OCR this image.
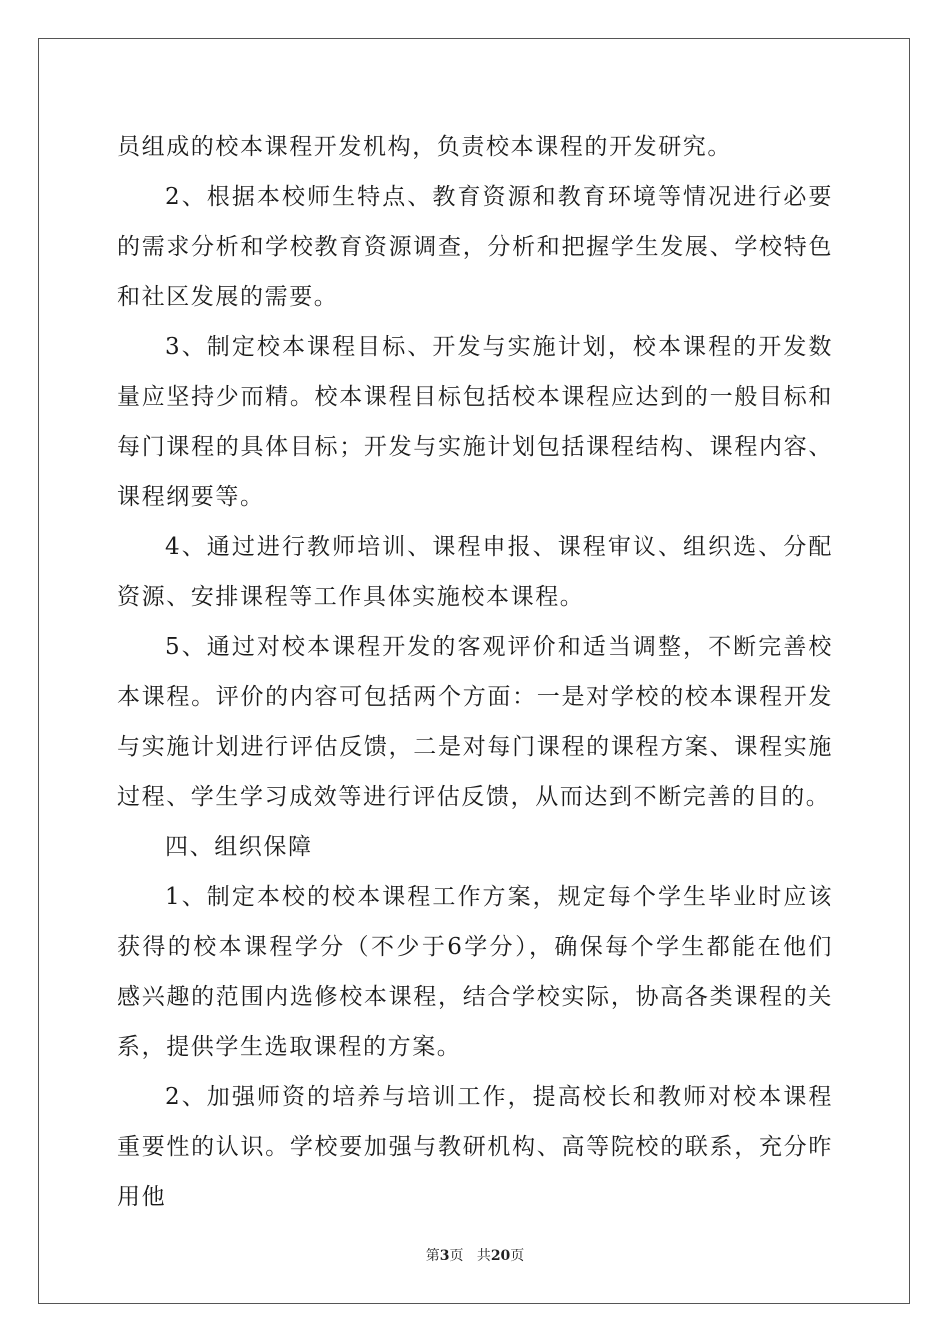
员组成的校本课程开发机构，负责校本课程的开发研究。

2、根据本校师生特点、教育资源和教育环境等情况进行必要的需求分析和学校教育资源调查，分析和把握学生发展、学校特色和社区发展的需要。

3、制定校本课程目标、开发与实施计划，校本课程的开发数量应坚持少而精。校本课程目标包括校本课程应达到的一般目标和每门课程的具体目标；开发与实施计划包括课程结构、课程内容、课程纲要等。

4、通过进行教师培训、课程申报、课程审议、组织选、分配资源、安排课程等工作具体实施校本课程。

5、通过对校本课程开发的客观评价和适当调整，不断完善校本课程。评价的内容可包括两个方面：一是对学校的校本课程开发与实施计划进行评估反馈，二是对每门课程的课程方案、课程实施过程、学生学习成效等进行评估反馈，从而达到不断完善的目的。

四、组织保障

1、制定本校的校本课程工作方案，规定每个学生毕业时应该获得的校本课程学分（不少于6学分），确保每个学生都能在他们感兴趣的范围内选修校本课程，结合学校实际，协高各类课程的关系，提供学生选取课程的方案。

2、加强师资的培养与培训工作，提高校长和教师对校本课程重要性的认识。学校要加强与教研机构、高等院校的联系，充分昨用他

第3页 共20页
